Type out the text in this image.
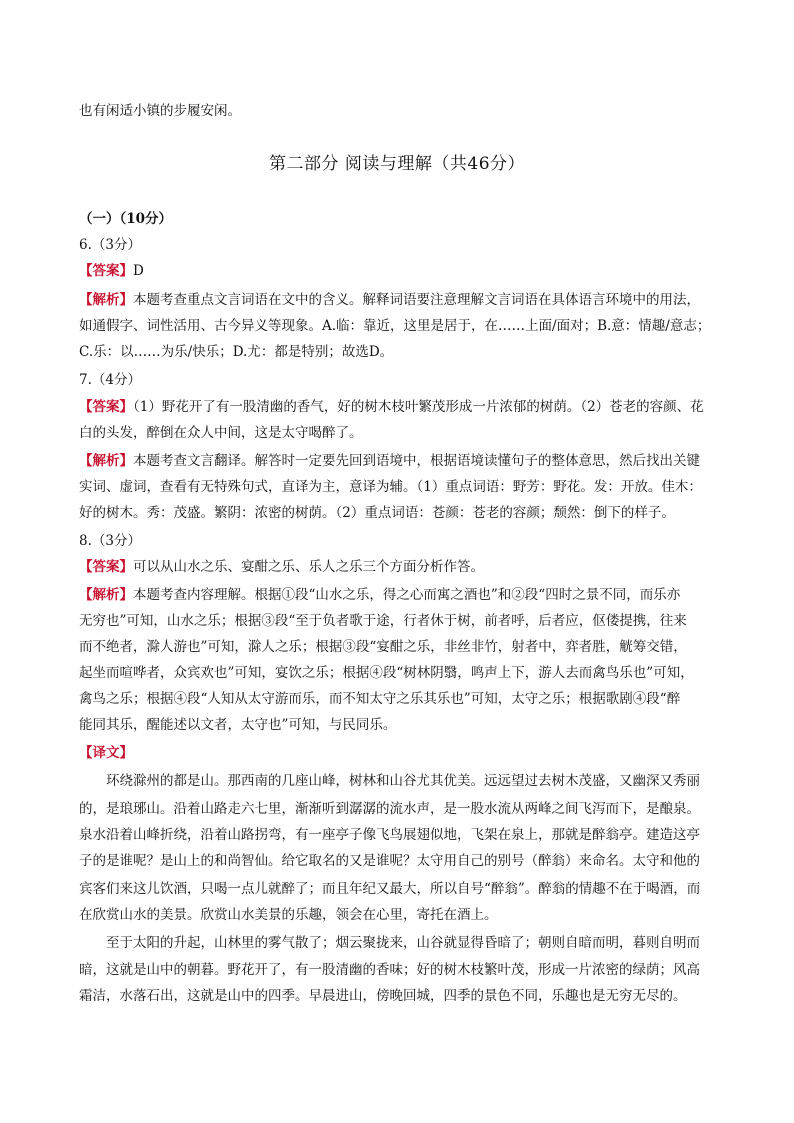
也有闲适小镇的步履安闲。
第二部分 阅读与理解（共46分）
（一）（10分）
6.（3分）
【答案】D
【解析】本题考查重点文言词语在文中的含义。解释词语要注意理解文言词语在具体语言环境中的用法，
如通假字、词性活用、古今异义等现象。A.临：靠近，这里是居于，在……上面/面对；B.意：情趣/意志；
C.乐：以……为乐/快乐；D.尤：都是特别；故选D。
7.（4分）
【答案】（1）野花开了有一股清幽的香气，好的树木枝叶繁茂形成一片浓郁的树荫。（2）苍老的容颜、花
白的头发，醉倒在众人中间，这是太守喝醉了。
【解析】本题考查文言翻译。解答时一定要先回到语境中，根据语境读懂句子的整体意思，然后找出关键
实词、虚词，查看有无特殊句式，直译为主，意译为辅。（1）重点词语：野芳：野花。发：开放。佳木：
好的树木。秀：茂盛。繁阴：浓密的树荫。（2）重点词语：苍颜：苍老的容颜；颓然：倒下的样子。
8.（3分）
【答案】可以从山水之乐、宴酣之乐、乐人之乐三个方面分析作答。
【解析】本题考查内容理解。根据①段“山水之乐，得之心而寓之酒也”和②段“四时之景不同，而乐亦
无穷也”可知，山水之乐；根据③段“至于负者歌于途，行者休于树，前者呼，后者应，伛偻提携，往来
而不绝者，滁人游也”可知，滁人之乐；根据③段“宴酣之乐，非丝非竹，射者中，弈者胜，觥筹交错，
起坐而喧哗者，众宾欢也”可知，宴饮之乐；根据④段“树林阴翳，鸣声上下，游人去而禽鸟乐也”可知，
禽鸟之乐；根据④段“人知从太守游而乐，而不知太守之乐其乐也”可知，太守之乐；根据歌剧④段“醉
能同其乐，醒能述以文者，太守也”可知，与民同乐。
【译文】
环绕滁州的都是山。那西南的几座山峰，树林和山谷尤其优美。远远望过去树木茂盛，又幽深又秀丽
的，是琅琊山。沿着山路走六七里，渐渐听到潺潺的流水声，是一股水流从两峰之间飞泻而下，是酿泉。
泉水沿着山峰折绕，沿着山路拐弯，有一座亭子像飞鸟展翅似地，飞架在泉上，那就是醉翁亭。建造这亭
子的是谁呢？是山上的和尚智仙。给它取名的又是谁呢？太守用自己的别号（醉翁）来命名。太守和他的
宾客们来这儿饮酒，只喝一点儿就醉了；而且年纪又最大，所以自号“醉翁”。醉翁的情趣不在于喝酒，而
在欣赏山水的美景。欣赏山水美景的乐趣，领会在心里，寄托在酒上。
至于太阳的升起，山林里的雾气散了；烟云聚拢来，山谷就显得昏暗了；朝则自暗而明，暮则自明而
暗，这就是山中的朝暮。野花开了，有一股清幽的香味；好的树木枝繁叶茂，形成一片浓密的绿荫；风高
霜洁，水落石出，这就是山中的四季。早晨进山，傍晚回城，四季的景色不同，乐趣也是无穷无尽的。
